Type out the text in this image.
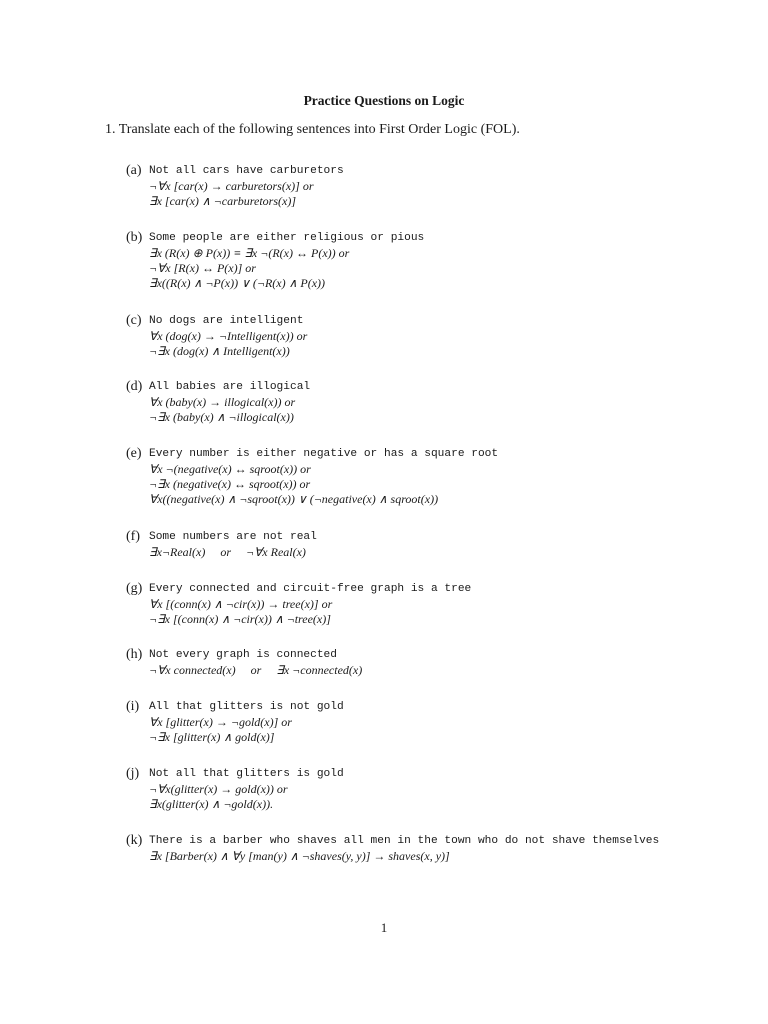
Practice Questions on Logic
1. Translate each of the following sentences into First Order Logic (FOL).
(a) Not all cars have carburetors
¬∀x [car(x) → carburetors(x)] or
∃x [car(x) ∧ ¬carburetors(x)]
(b) Some people are either religious or pious
∃x (R(x) ⊕ P(x)) ≡ ∃x ¬(R(x) ↔ P(x)) or
¬∀x [R(x) ↔ P(x)] or
∃x((R(x) ∧ ¬P(x)) ∨ (¬R(x) ∧ P(x))
(c) No dogs are intelligent
∀x (dog(x) → ¬Intelligent(x)) or
¬∃x (dog(x) ∧ Intelligent(x))
(d) All babies are illogical
∀x (baby(x) → illogical(x)) or
¬∃x (baby(x) ∧ ¬illogical(x))
(e) Every number is either negative or has a square root
∀x ¬(negative(x) ↔ sqroot(x)) or
¬∃x (negative(x) ↔ sqroot(x)) or
∀x((negative(x) ∧ ¬sqroot(x)) ∨ (¬negative(x) ∧ sqroot(x))
(f) Some numbers are not real
∃x¬Real(x)     or     ¬∀x Real(x)
(g) Every connected and circuit-free graph is a tree
∀x [(conn(x) ∧ ¬cir(x)) → tree(x)] or
¬∃x [(conn(x) ∧ ¬cir(x)) ∧ ¬tree(x)]
(h) Not every graph is connected
¬∀x connected(x)     or     ∃x ¬connected(x)
(i) All that glitters is not gold
∀x [glitter(x) → ¬gold(x)] or
¬∃x [glitter(x) ∧ gold(x)]
(j) Not all that glitters is gold
¬∀x(glitter(x) → gold(x)) or
∃x(glitter(x) ∧ ¬gold(x)).
(k) There is a barber who shaves all men in the town who do not shave themselves
∃x [Barber(x) ∧ ∀y [man(y) ∧ ¬shaves(y, y)] → shaves(x, y)]
1
